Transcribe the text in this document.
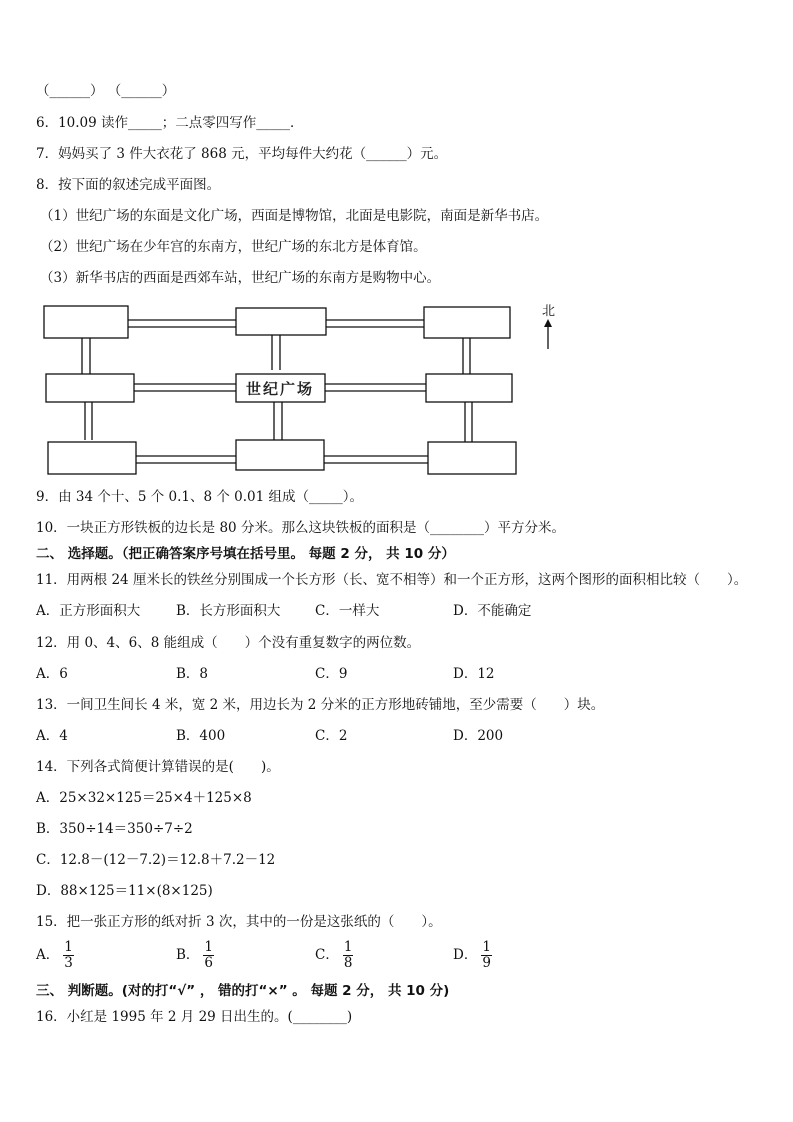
（______） （______）
6．10.09 读作_____；二点零四写作_____．
7．妈妈买了 3 件大衣花了 868 元，平均每件大约花（______）元。
8．按下面的叙述完成平面图。
（1）世纪广场的东面是文化广场，西面是博物馆，北面是电影院，南面是新华书店。
（2）世纪广场在少年宫的东南方，世纪广场的东北方是体育馆。
（3）新华书店的西面是西郊车站，世纪广场的东南方是购物中心。
世纪广场
北
9．由 34 个十、5 个 0.1、8 个 0.01 组成（_____）。
10．一块正方形铁板的边长是 80 分米。那么这块铁板的面积是（________）平方分米。
二、 选择题。（把正确答案序号填在括号里。 每题 2 分， 共 10 分）
11．用两根 24 厘米长的铁丝分别围成一个长方形（长、宽不相等）和一个正方形，这两个图形的面积相比较（　　）。
A．正方形面积大	B．长方形面积大	C．一样大	D．不能确定
12．用 0、4、6、8 能组成（　　）个没有重复数字的两位数。
A．6	B．8	C．9	D．12
13．一间卫生间长 4 米，宽 2 米，用边长为 2 分米的正方形地砖铺地，至少需要（　　）块。
A．4	B．400	C．2	D．200
14．下列各式简便计算错误的是(　　)。
A．25×32×125＝25×4＋125×8
B．350÷14＝350÷7÷2
C．12.8－(12－7.2)＝12.8＋7.2－12
D．88×125＝11×(8×125)
15．把一张正方形的纸对折 3 次，其中的一份是这张纸的（　　）。
A． $\frac{1}{3}$	B． $\frac{1}{6}$	C． $\frac{1}{8}$	D． $\frac{1}{9}$
三、 判断题。(对的打“√” ， 错的打“×” 。 每题 2 分， 共 10 分)
16．小红是 1995 年 2 月 29 日出生的。(________)
